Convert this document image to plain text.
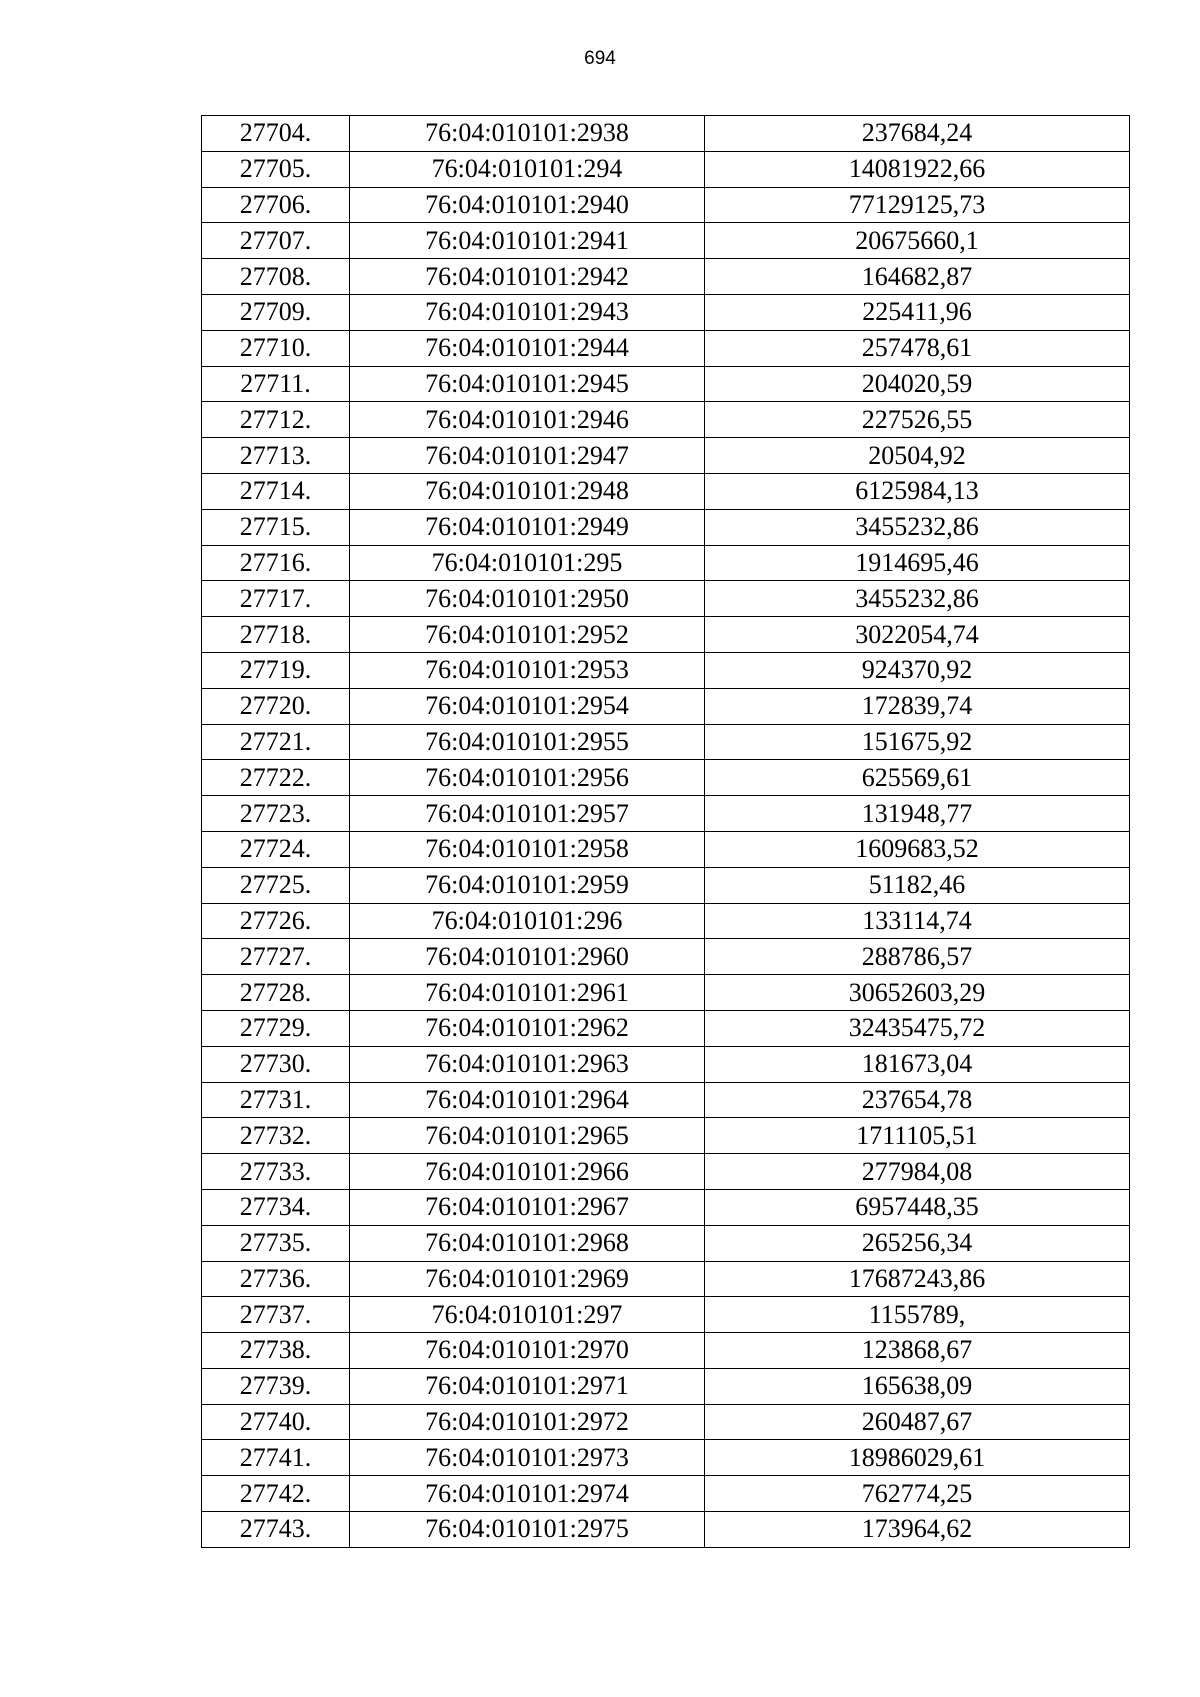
694
27704.	76:04:010101:2938	237684,24
27705.	76:04:010101:294	14081922,66
27706.	76:04:010101:2940	77129125,73
27707.	76:04:010101:2941	20675660,1
27708.	76:04:010101:2942	164682,87
27709.	76:04:010101:2943	225411,96
27710.	76:04:010101:2944	257478,61
27711.	76:04:010101:2945	204020,59
27712.	76:04:010101:2946	227526,55
27713.	76:04:010101:2947	20504,92
27714.	76:04:010101:2948	6125984,13
27715.	76:04:010101:2949	3455232,86
27716.	76:04:010101:295	1914695,46
27717.	76:04:010101:2950	3455232,86
27718.	76:04:010101:2952	3022054,74
27719.	76:04:010101:2953	924370,92
27720.	76:04:010101:2954	172839,74
27721.	76:04:010101:2955	151675,92
27722.	76:04:010101:2956	625569,61
27723.	76:04:010101:2957	131948,77
27724.	76:04:010101:2958	1609683,52
27725.	76:04:010101:2959	51182,46
27726.	76:04:010101:296	133114,74
27727.	76:04:010101:2960	288786,57
27728.	76:04:010101:2961	30652603,29
27729.	76:04:010101:2962	32435475,72
27730.	76:04:010101:2963	181673,04
27731.	76:04:010101:2964	237654,78
27732.	76:04:010101:2965	1711105,51
27733.	76:04:010101:2966	277984,08
27734.	76:04:010101:2967	6957448,35
27735.	76:04:010101:2968	265256,34
27736.	76:04:010101:2969	17687243,86
27737.	76:04:010101:297	1155789,
27738.	76:04:010101:2970	123868,67
27739.	76:04:010101:2971	165638,09
27740.	76:04:010101:2972	260487,67
27741.	76:04:010101:2973	18986029,61
27742.	76:04:010101:2974	762774,25
27743.	76:04:010101:2975	173964,62
